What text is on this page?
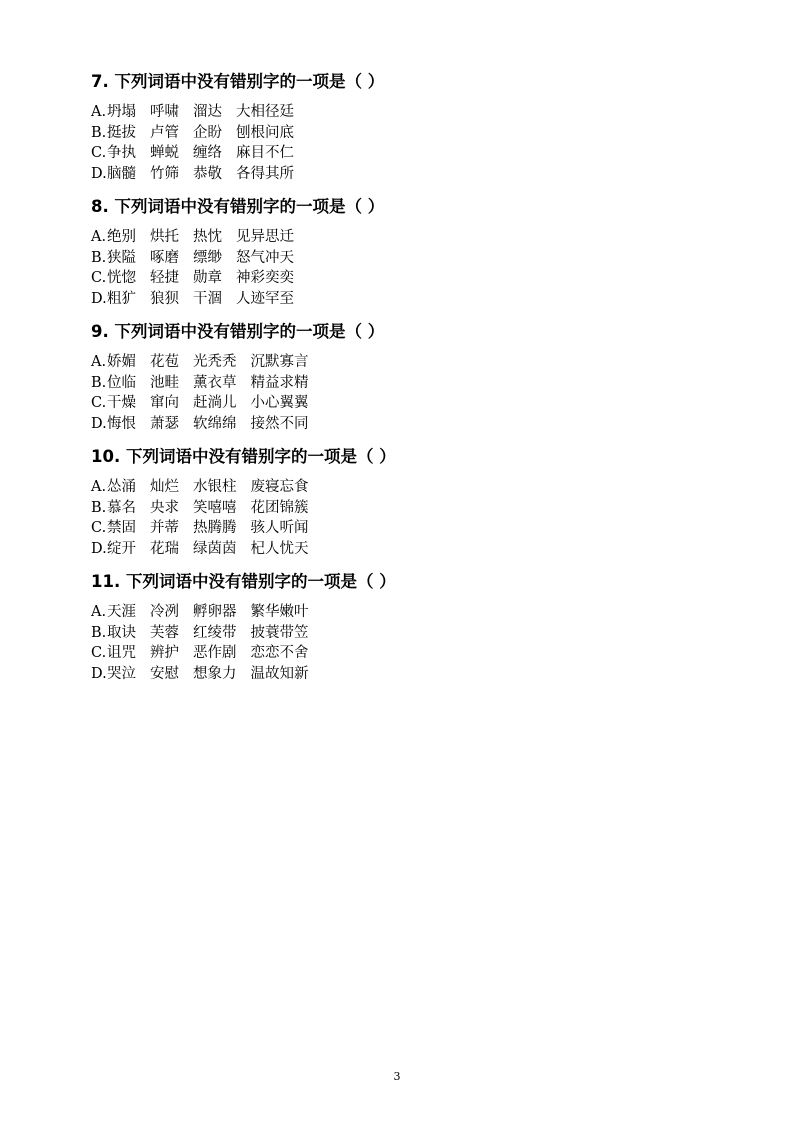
7. 下列词语中没有错别字的一项是（ ）
A.坍塌 呼啸 溜达 大相径廷
B.挺拔 卢管 企盼 刨根问底
C.争执 蝉蜕 缠络 麻目不仁
D.脑髓 竹筛 恭敬 各得其所
8. 下列词语中没有错别字的一项是（ ）
A.绝别 烘托 热忱 见异思迁
B.狭隘 啄磨 缥缈 怒气冲天
C.恍惚 轻捷 勋章 神彩奕奕
D.粗犷 狼狈 干涸 人迹罕至
9. 下列词语中没有错别字的一项是（ ）
A.娇媚 花苞 光秃秃 沉默寡言
B.位临 池畦 薰衣草 精益求精
C.干燥 窜向 赶淌儿 小心翼翼
D.悔恨 萧瑟 软绵绵 接然不同
10. 下列词语中没有错别字的一项是（ ）
A.怂涌 灿烂 水银柱 废寝忘食
B.慕名 央求 笑嘻嘻 花团锦簇
C.禁固 并蒂 热腾腾 骇人听闻
D.绽开 花瑞 绿茵茵 杞人忧天
11. 下列词语中没有错别字的一项是（ ）
A.天涯 冷冽 孵卵器 繁华嫩叶
B.取诀 芙蓉 红绫带 披蓑带笠
C.诅咒 辨护 恶作剧 恋恋不舍
D.哭泣 安慰 想象力 温故知新
3
